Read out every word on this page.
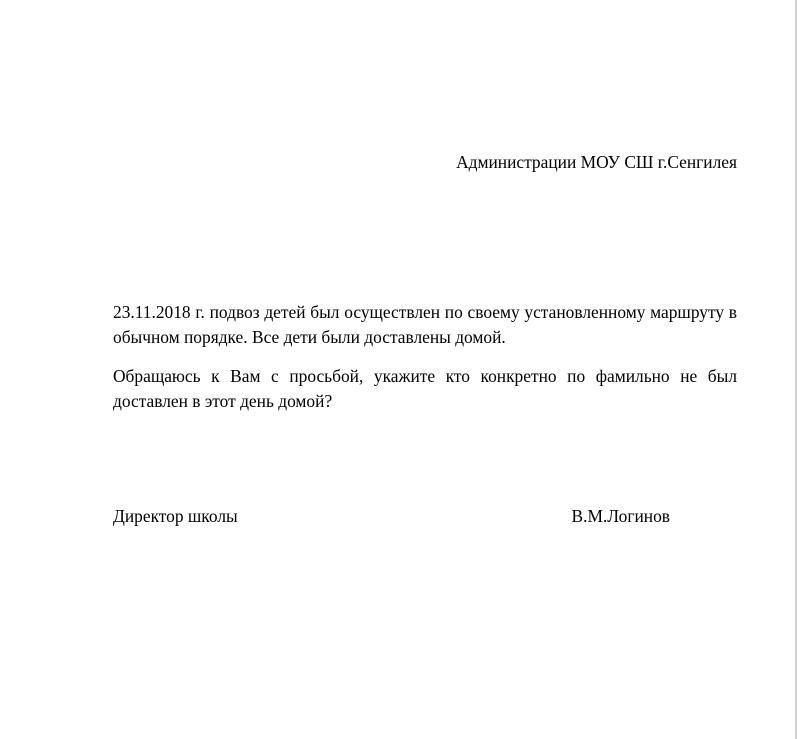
Администрации МОУ СШ г.Сенгилея

23.11.2018 г. подвоз детей был осуществлен по своему установленному маршруту в обычном порядке. Все дети были доставлены домой.

Обращаюсь к Вам с просьбой, укажите кто конкретно по фамильно не был доставлен в этот день домой?

Директор школы	В.М.Логинов
